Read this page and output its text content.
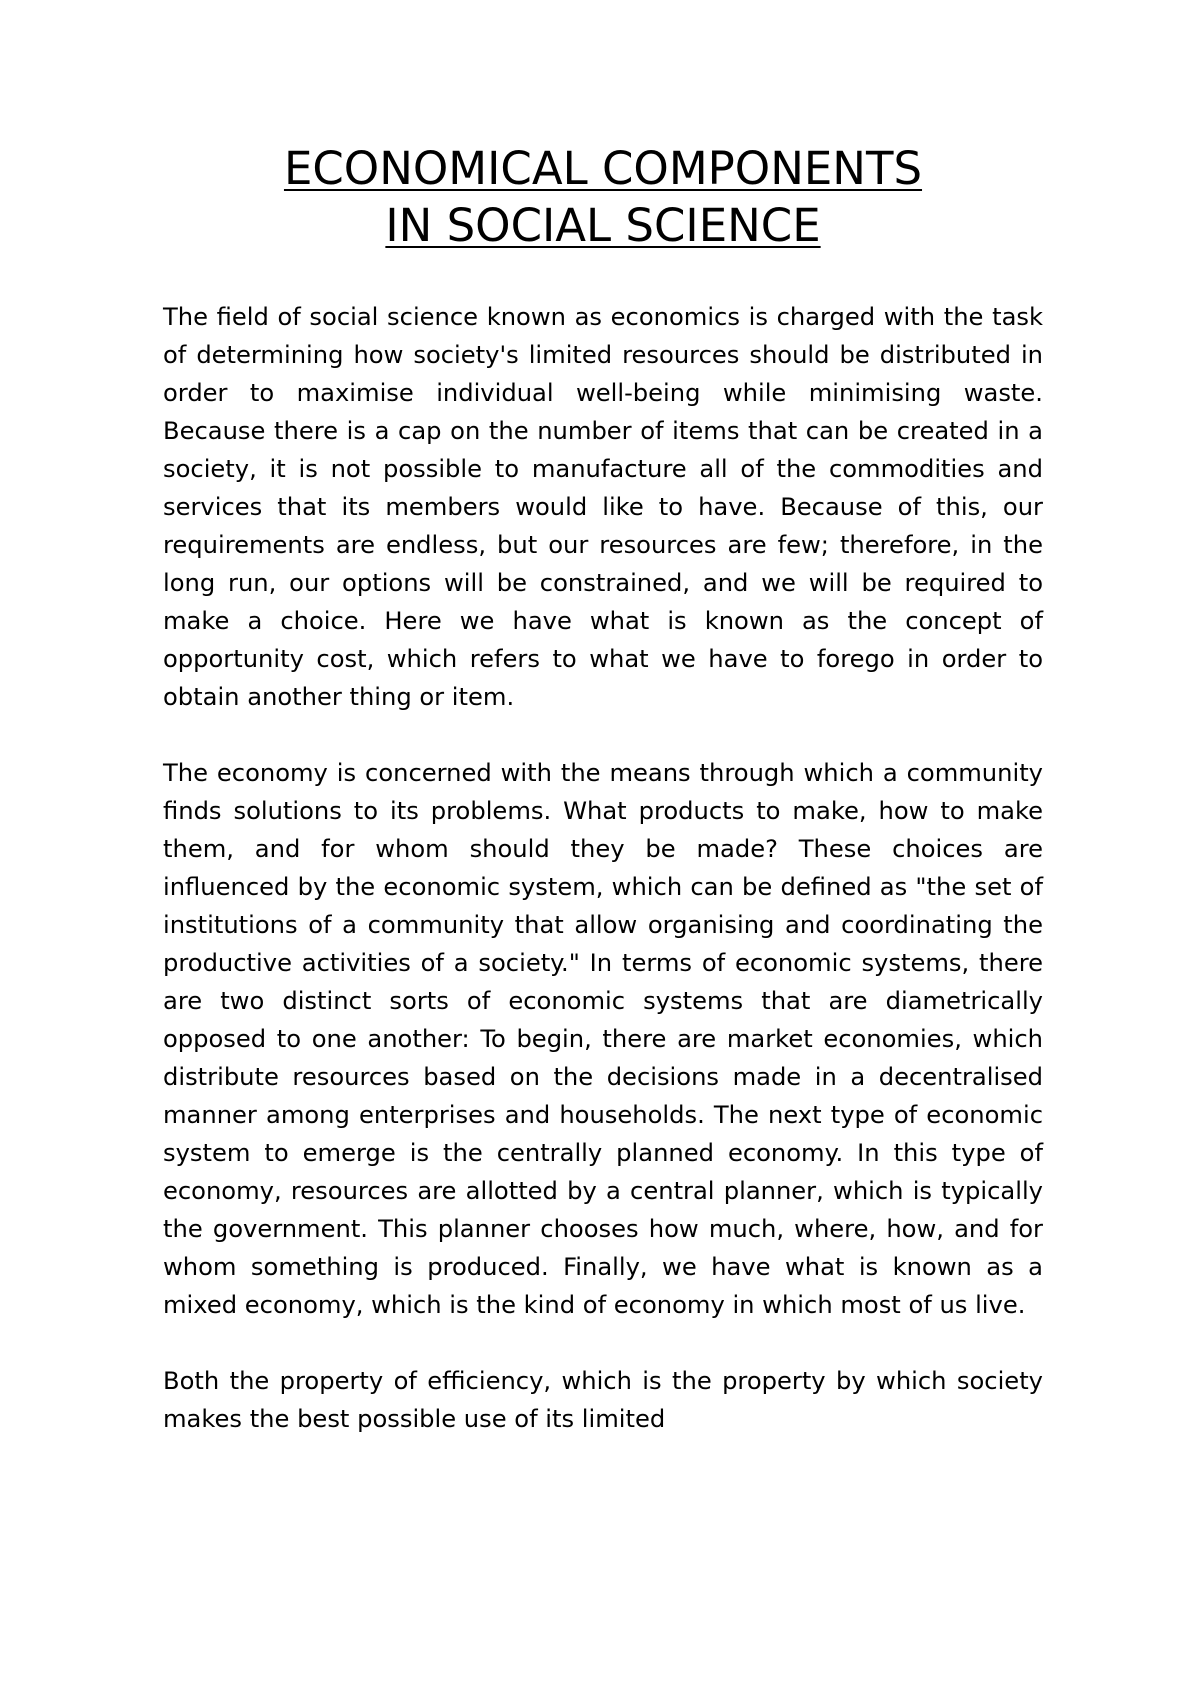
ECONOMICAL COMPONENTS
IN SOCIAL SCIENCE

The field of social science known as economics is charged with the task of determining how society's limited resources should be distributed in order to maximise individual well-being while minimising waste. Because there is a cap on the number of items that can be created in a society, it is not possible to manufacture all of the commodities and services that its members would like to have. Because of this, our requirements are endless, but our resources are few; therefore, in the long run, our options will be constrained, and we will be required to make a choice. Here we have what is known as the concept of opportunity cost, which refers to what we have to forego in order to obtain another thing or item.

The economy is concerned with the means through which a community finds solutions to its problems. What products to make, how to make them, and for whom should they be made? These choices are influenced by the economic system, which can be defined as "the set of institutions of a community that allow organising and coordinating the productive activities of a society." In terms of economic systems, there are two distinct sorts of economic systems that are diametrically opposed to one another: To begin, there are market economies, which distribute resources based on the decisions made in a decentralised manner among enterprises and households. The next type of economic system to emerge is the centrally planned economy. In this type of economy, resources are allotted by a central planner, which is typically the government. This planner chooses how much, where, how, and for whom something is produced. Finally, we have what is known as a mixed economy, which is the kind of economy in which most of us live.

Both the property of efficiency, which is the property by which society makes the best possible use of its limited
